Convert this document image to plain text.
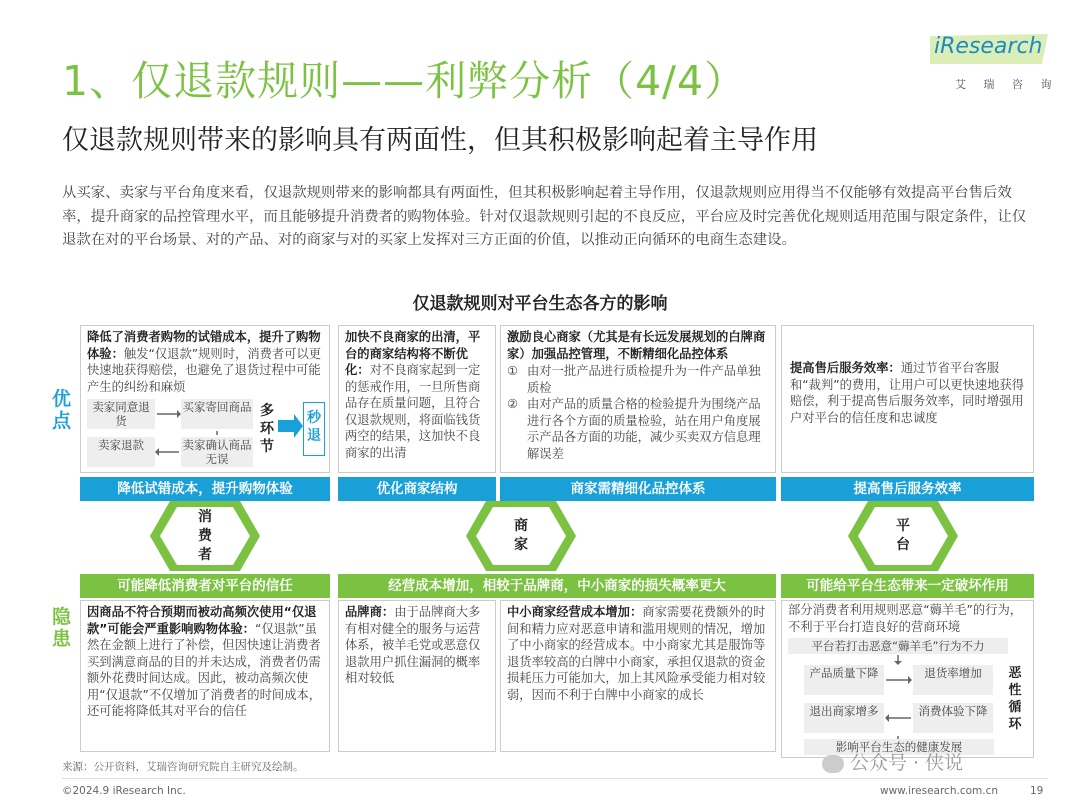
1、仅退款规则——利弊分析（4/4）
iResearch
艾 瑞 咨 询
仅退款规则带来的影响具有两面性，但其积极影响起着主导作用
从买家、卖家与平台角度来看，仅退款规则带来的影响都具有两面性，但其积极影响起着主导作用，仅退款规则应用得当不仅能够有效提高平台售后效率，提升商家的品控管理水平，而且能够提升消费者的购物体验。针对仅退款规则引起的不良反应，平台应及时完善优化规则适用范围与限定条件，让仅退款在对的平台场景、对的产品、对的商家与对的买家上发挥对三方正面的价值，以推动正向循环的电商生态建设。
仅退款规则对平台生态各方的影响
优点
隐患
降低了消费者购物的试错成本，提升了购物体验：触发“仅退款”规则时，消费者可以更快速地获得赔偿，也避免了退货过程中可能产生的纠纷和麻烦
卖家同意退货
买家寄回商品
卖家退款	卖家确认商品无误
多环节
秒退
加快不良商家的出清，平台的商家结构将不断优化：对不良商家起到一定的惩戒作用，一旦所售商品存在质量问题，且符合仅退款规则，将面临钱货两空的结果，这加快不良商家的出清
激励良心商家（尤其是有长远发展规划的白牌商家）加强品控管理，不断精细化品控体系
① 由对一批产品进行质检提升为一件产品单独质检
② 由对产品的质量合格的检验提升为围绕产品进行各个方面的质量检验，站在用户角度展示产品各方面的功能，减少买卖双方信息理解误差
提高售后服务效率：通过节省平台客服和“裁判”的费用，让用户可以更快速地获得赔偿，利于提高售后服务效率，同时增强用户对平台的信任度和忠诚度
降低试错成本，提升购物体验	优化商家结构	商家需精细化品控体系	提高售后服务效率
消费者
商家
平台
可能降低消费者对平台的信任	经营成本增加，相较于品牌商，中小商家的损失概率更大	可能给平台生态带来一定破坏作用
因商品不符合预期而被动高频次使用“仅退款”可能会严重影响购物体验：“仅退款”虽然在金额上进行了补偿，但因快速让消费者买到满意商品的目的并未达成，消费者仍需额外花费时间达成。因此，被动高频次使用“仅退款”不仅增加了消费者的时间成本，还可能将降低其对平台的信任
品牌商：由于品牌商大多有相对健全的服务与运营体系，被羊毛党或恶意仅退款用户抓住漏洞的概率相对较低
中小商家经营成本增加：商家需要花费额外的时间和精力应对恶意申请和滥用规则的情况，增加了中小商家的经营成本。中小商家尤其是服饰等退货率较高的白牌中小商家，承担仅退款的资金损耗压力可能加大，加上其风险承受能力相对较弱，因而不利于白牌中小商家的成长
部分消费者利用规则恶意“薅羊毛”的行为，不利于平台打造良好的营商环境
平台若打击恶意“薅羊毛”行为不力
产品质量下降	退货率增加
退出商家增多	消费体验下降
恶性循环
影响平台生态的健康发展
来源：公开资料，艾瑞咨询研究院自主研究及绘制。
©2024.9 iResearch Inc.	www.iresearch.com.cn	19
公众号 · 侠说
